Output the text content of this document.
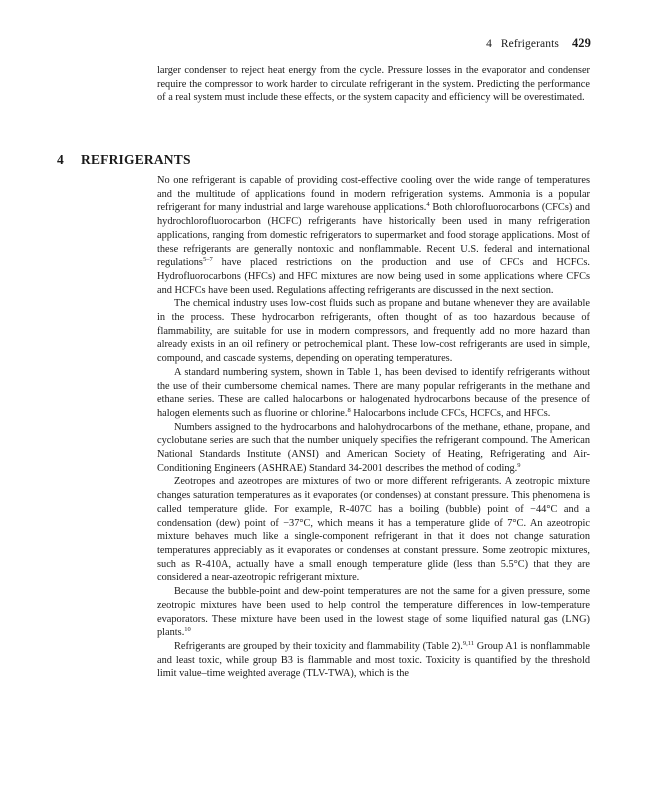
4 Refrigerants 429

larger condenser to reject heat energy from the cycle. Pressure losses in the evaporator and condenser require the compressor to work harder to circulate refrigerant in the system. Predicting the performance of a real system must include these effects, or the system capacity and efficiency will be overestimated.

4 REFRIGERANTS

No one refrigerant is capable of providing cost-effective cooling over the wide range of temperatures and the multitude of applications found in modern refrigeration systems. Ammonia is a popular refrigerant for many industrial and large warehouse applications.$^4$ Both chlorofluorocarbons (CFCs) and hydrochlorofluorocarbon (HCFC) refrigerants have historically been used in many refrigeration applications, ranging from domestic refrigerators to supermarket and food storage applications. Most of these refrigerants are generally nontoxic and nonflammable. Recent U.S. federal and international regulations$^{5-7}$ have placed restrictions on the production and use of CFCs and HCFCs. Hydrofluorocarbons (HFCs) and HFC mixtures are now being used in some applications where CFCs and HCFCs have been used. Regulations affecting refrigerants are discussed in the next section.

The chemical industry uses low-cost fluids such as propane and butane whenever they are available in the process. These hydrocarbon refrigerants, often thought of as too hazardous because of flammability, are suitable for use in modern compressors, and frequently add no more hazard than already exists in an oil refinery or petrochemical plant. These low-cost refrigerants are used in simple, compound, and cascade systems, depending on operating temperatures.

A standard numbering system, shown in Table 1, has been devised to identify refrigerants without the use of their cumbersome chemical names. There are many popular refrigerants in the methane and ethane series. These are called halocarbons or halogenated hydrocarbons because of the presence of halogen elements such as fluorine or chlorine.$^8$ Halocarbons include CFCs, HCFCs, and HFCs.

Numbers assigned to the hydrocarbons and halohydrocarbons of the methane, ethane, propane, and cyclobutane series are such that the number uniquely specifies the refrigerant compound. The American National Standards Institute (ANSI) and American Society of Heating, Refrigerating and Air-Conditioning Engineers (ASHRAE) Standard 34-2001 describes the method of coding.$^9$

Zeotropes and azeotropes are mixtures of two or more different refrigerants. A zeotropic mixture changes saturation temperatures as it evaporates (or condenses) at constant pressure. This phenomena is called temperature glide. For example, R-407C has a boiling (bubble) point of −44°C and a condensation (dew) point of −37°C, which means it has a temperature glide of 7°C. An azeotropic mixture behaves much like a single-component refrigerant in that it does not change saturation temperatures appreciably as it evaporates or condenses at constant pressure. Some zeotropic mixtures, such as R-410A, actually have a small enough temperature glide (less than 5.5°C) that they are considered a near-azeotropic refrigerant mixture.

Because the bubble-point and dew-point temperatures are not the same for a given pressure, some zeotropic mixtures have been used to help control the temperature differences in low-temperature evaporators. These mixture have been used in the lowest stage of some liquified natural gas (LNG) plants.$^{10}$

Refrigerants are grouped by their toxicity and flammability (Table 2).$^{9,11}$ Group A1 is nonflammable and least toxic, while group B3 is flammable and most toxic. Toxicity is quantified by the threshold limit value–time weighted average (TLV-TWA), which is the
